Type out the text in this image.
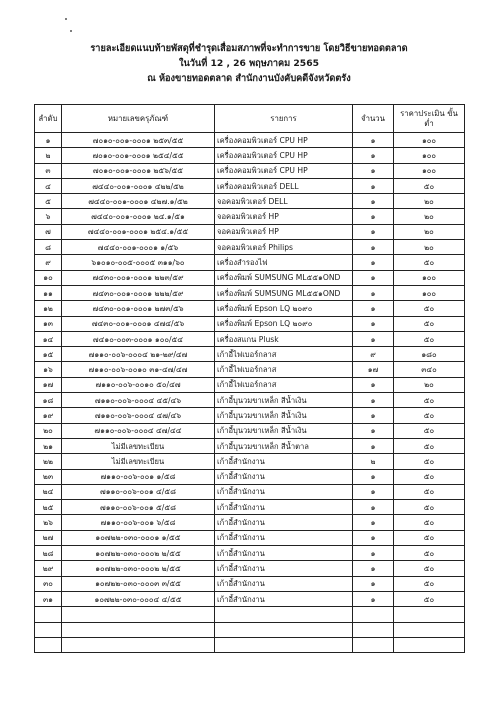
รายละเอียดแนบท้ายพัสดุที่ชำรุดเสื่อมสภาพที่จะทำการขาย โดยวิธีขายทอดตลาด
ในวันที่ 12 , 26 พฤษภาคม 2565
ณ ห้องขายทอดตลาด สำนักงานบังคับคดีจังหวัดตรัง
ลำดับ	หมายเลขครุภัณฑ์	รายการ	จำนวน	ราคาประเมิน ขั้นต่ำ
๑	๗๐๑๐-๐๐๑-๐๐๐๑ ๒๕๓/๕๕	เครื่องคอมพิวเตอร์ CPU HP	๑	๑๐๐
๒	๗๐๑๐-๐๐๑-๐๐๐๑ ๒๕๔/๕๕	เครื่องคอมพิวเตอร์ CPU HP	๑	๑๐๐
๓	๗๐๑๐-๐๐๑-๐๐๐๑ ๒๕๖/๕๕	เครื่องคอมพิวเตอร์ CPU HP	๑	๑๐๐
๔	๗๔๔๐-๐๐๑-๐๐๐๑ ๔๒๒/๕๒	เครื่องคอมพิวเตอร์ DELL	๑	๕๐
๕	๗๔๔๐-๐๐๑-๐๐๐๑ ๔๒๗.๑/๕๒	จอคอมพิวเตอร์ DELL	๑	๒๐
๖	๗๔๔๐-๐๐๑-๐๐๐๑ ๒๔.๑/๕๑	จอคอมพิวเตอร์ HP	๑	๒๐
๗	๗๔๔๐-๐๐๑-๐๐๐๑ ๒๕๔.๑/๕๕	จอคอมพิวเตอร์ HP	๑	๒๐
๘	๗๔๔๐-๐๐๑-๐๐๐๑ ๑/๕๖	จอคอมพิวเตอร์ Philips	๑	๒๐
๙	๖๑๐๑๐-๐๐๕-๐๐๐๕ ๓๑๑/๖๐	เครื่องสำรองไฟ	๑	๕๐
๑๐	๗๔๓๐-๐๐๑-๐๐๐๑ ๒๒๓/๕๙	เครื่องพิมพ์ SUMSUNG ML๕๕๑OND	๑	๑๐๐
๑๑	๗๔๓๐-๐๐๑-๐๐๐๑ ๒๒๒/๕๙	เครื่องพิมพ์ SUMSUNG ML๕๕๑OND	๑	๑๐๐
๑๒	๗๔๓๐-๐๐๑-๐๐๐๑ ๒๗๓/๕๖	เครื่องพิมพ์ Epson LQ ๒๐๙๐	๑	๕๐
๑๓	๗๔๓๐-๐๐๑-๐๐๐๑ ๔๗๔/๕๖	เครื่องพิมพ์ Epson LQ ๒๐๙๐	๑	๕๐
๑๔	๗๔๑๐-๐๐๓-๐๐๐๑ ๑๐๐/๕๔	เครื่องสแกน Plusk	๑	๕๐
๑๕	๗๑๑๐-๐๐๖-๐๐๐๔ ๒๑-๒๙/๔๗	เก้าอี้ไฟเบอร์กลาส	๙	๑๘๐
๑๖	๗๑๑๐-๐๐๖-๐๐๑๐ ๓๑-๔๗/๔๗	เก้าอี้ไฟเบอร์กลาส	๑๗	๓๔๐
๑๗	๗๑๑๐-๐๐๖-๐๐๑๐ ๕๐/๔๗	เก้าอี้ไฟเบอร์กลาส	๑	๒๐
๑๘	๗๑๑๐-๐๐๖-๐๐๐๔ ๔๕/๔๖	เก้าอี้บุนวมขาเหล็ก สีน้ำเงิน	๑	๕๐
๑๙	๗๑๑๐-๐๐๖-๐๐๐๔ ๔๗/๔๖	เก้าอี้บุนวมขาเหล็ก สีน้ำเงิน	๑	๕๐
๒๐	๗๑๑๐-๐๐๖-๐๐๐๔ ๔๗/๔๔	เก้าอี้บุนวมขาเหล็ก สีน้ำเงิน	๑	๕๐
๒๑	ไม่มีเลขทะเบียน	เก้าอี้บุนวมขาเหล็ก สีน้ำตาล	๑	๕๐
๒๒	ไม่มีเลขทะเบียน	เก้าอี้สำนักงาน	๒	๕๐
๒๓	๗๑๑๐-๐๐๖-๐๐๑ ๑/๕๘	เก้าอี้สำนักงาน	๑	๕๐
๒๔	๗๑๑๐-๐๐๖-๐๐๑ ๔/๕๘	เก้าอี้สำนักงาน	๑	๕๐
๒๕	๗๑๑๐-๐๐๖-๐๐๑ ๕/๕๘	เก้าอี้สำนักงาน	๑	๕๐
๒๖	๗๑๑๐-๐๐๖-๐๐๑ ๖/๕๘	เก้าอี้สำนักงาน	๑	๕๐
๒๗	๑๐๗๒๒-๐๓๐-๐๐๐๑ ๑/๕๕	เก้าอี้สำนักงาน	๑	๕๐
๒๘	๑๐๗๒๒-๐๓๐-๐๐๐๒ ๒/๕๕	เก้าอี้สำนักงาน	๑	๕๐
๒๙	๑๐๗๒๒-๐๓๐-๐๐๐๒ ๒/๕๕	เก้าอี้สำนักงาน	๑	๕๐
๓๐	๑๐๗๒๒-๐๓๐-๐๐๐๓ ๓/๕๕	เก้าอี้สำนักงาน	๑	๕๐
๓๑	๑๐๗๒๒-๐๓๐-๐๐๐๔ ๔/๕๕	เก้าอี้สำนักงาน	๑	๕๐
